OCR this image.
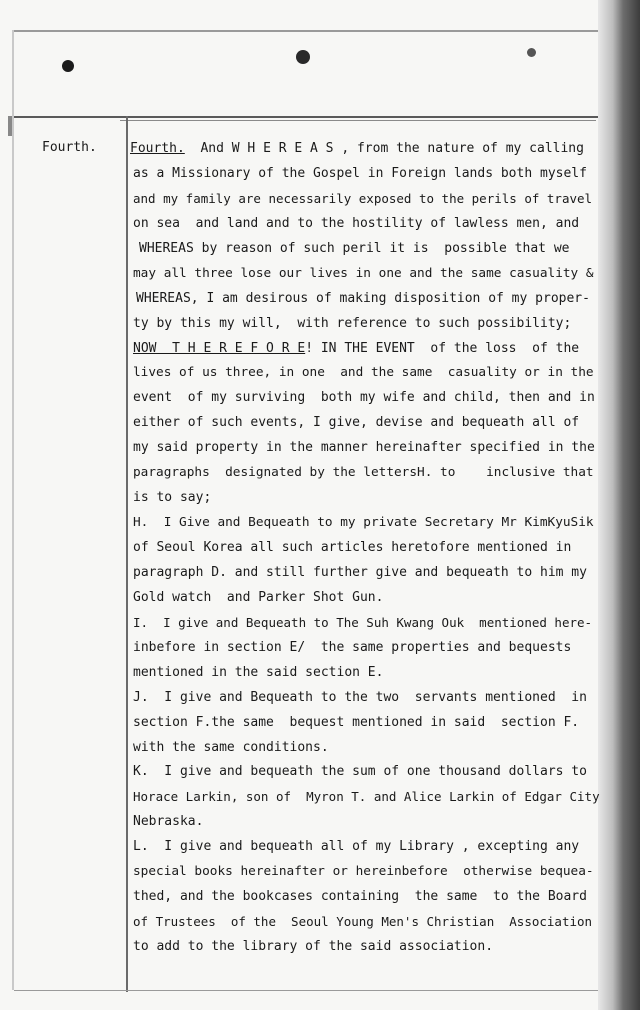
Fourth.	Fourth.  And W H E R E A S , from the nature of my calling
as a Missionary of the Gospel in Foreign lands both myself
and my family are necessarily exposed to the perils of travel
on sea  and land and to the hostility of lawless men, and
WHEREAS by reason of such peril it is  possible that we
may all three lose our lives in one and the same casuality &
WHEREAS, I am desirous of making disposition of my proper-
ty by this my will,  with reference to such possibility;
NOW  T H E R E F O R E! IN THE EVENT  of the loss  of the
lives of us three, in one  and the same  casuality or in the
event  of my surviving  both my wife and child, then and in
either of such events, I give, devise and bequeath all of
my said property in the manner hereinafter specified in the
paragraphs  designated by the lettersH. to    inclusive that
is to say;
H.  I Give and Bequeath to my private Secretary Mr KimKyuSik
of Seoul Korea all such articles heretofore mentioned in
paragraph D. and still further give and bequeath to him my
Gold watch  and Parker Shot Gun.
I.  I give and Bequeath to The Suh Kwang Ouk  mentioned here-
inbefore in section E/  the same properties and bequests
mentioned in the said section E.
J.  I give and Bequeath to the two  servants mentioned  in
section F.the same  bequest mentioned in said  section F.
with the same conditions.
K.  I give and bequeath the sum of one thousand dollars to
Horace Larkin, son of  Myron T. and Alice Larkin of Edgar City
Nebraska.
L.  I give and bequeath all of my Library , excepting any
special books hereinafter or hereinbefore  otherwise bequea-
thed, and the bookcases containing  the same  to the Board
of Trustees  of the  Seoul Young Men's Christian  Association
to add to the library of the said association.
